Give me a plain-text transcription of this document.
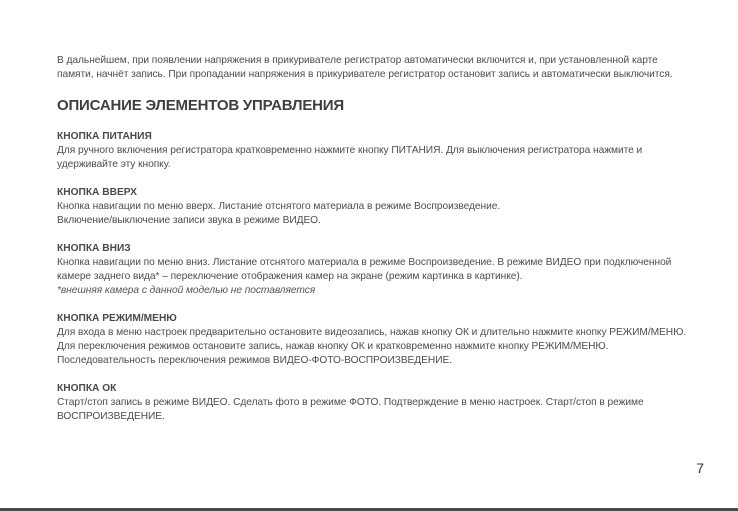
В дальнейшем, при появлении напряжения в прикуривателе регистратор автоматически включится и, при установленной карте памяти, начнёт запись. При пропадании напряжения в прикуривателе регистратор остановит запись и автоматически выключится.

ОПИСАНИЕ ЭЛЕМЕНТОВ УПРАВЛЕНИЯ
КНОПКА ПИТАНИЯ

Для ручного включения регистратора кратковременно нажмите кнопку ПИТАНИЯ. Для выключения регистратора нажмите и удерживайте эту кнопку.

КНОПКА ВВЕРХ

Кнопка навигации по меню вверх. Листание отснятого материала в режиме Воспроизведение.

Включение/выключение записи звука в режиме ВИДЕО.

КНОПКА ВНИЗ

Кнопка навигации по меню вниз. Листание отснятого материала в режиме Воспроизведение. В режиме ВИДЕО при подключенной камере заднего вида* – переключение отображения камер на экране (режим картинка в картинке).

*внешняя камера с данной моделью не поставляется

КНОПКА РЕЖИМ/МЕНЮ

Для входа в меню настроек предварительно остановите видеозапись, нажав кнопку ОК и длительно нажмите кнопку РЕЖИМ/МЕНЮ.

Для переключения режимов остановите запись, нажав кнопку ОК и кратковременно нажмите кнопку РЕЖИМ/МЕНЮ. Последовательность переключения режимов ВИДЕО-ФОТО-ВОСПРОИЗВЕДЕНИЕ.

КНОПКА ОК

Старт/стоп запись в режиме ВИДЕО. Сделать фото в режиме ФОТО. Подтверждение в меню настроек. Старт/стоп в режиме ВОСПРОИЗВЕДЕНИЕ.

7
